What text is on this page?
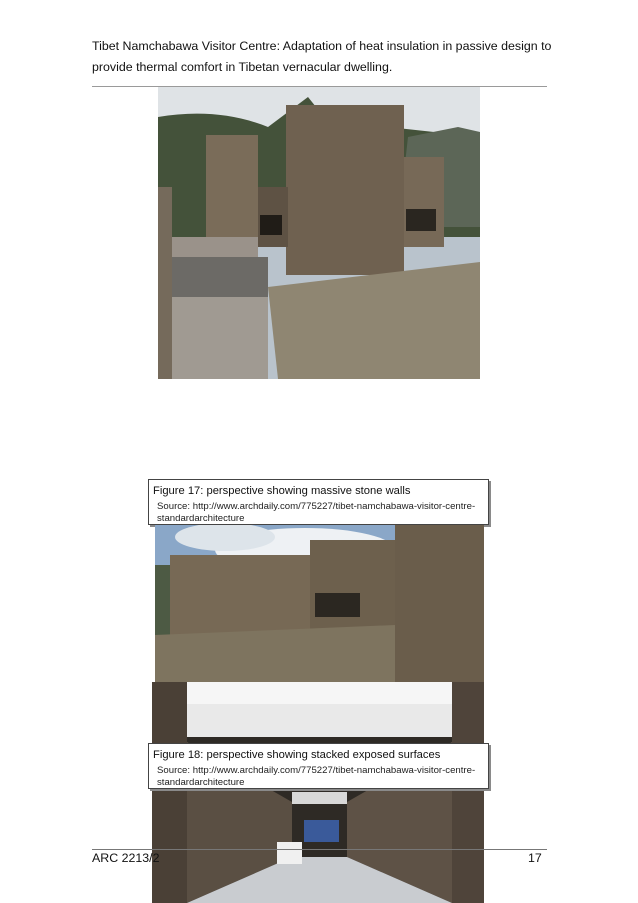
Tibet Namchabawa Visitor Centre: Adaptation of heat insulation in passive design to provide thermal comfort in Tibetan vernacular dwelling.
Figure 17: perspective showing massive stone walls
Source: http://www.archdaily.com/775227/tibet-namchabawa-visitor-centre-standardarchitecture
Figure 18: perspective showing stacked exposed surfaces
Source: http://www.archdaily.com/775227/tibet-namchabawa-visitor-centre-standardarchitecture
ARC 2213/2	17
